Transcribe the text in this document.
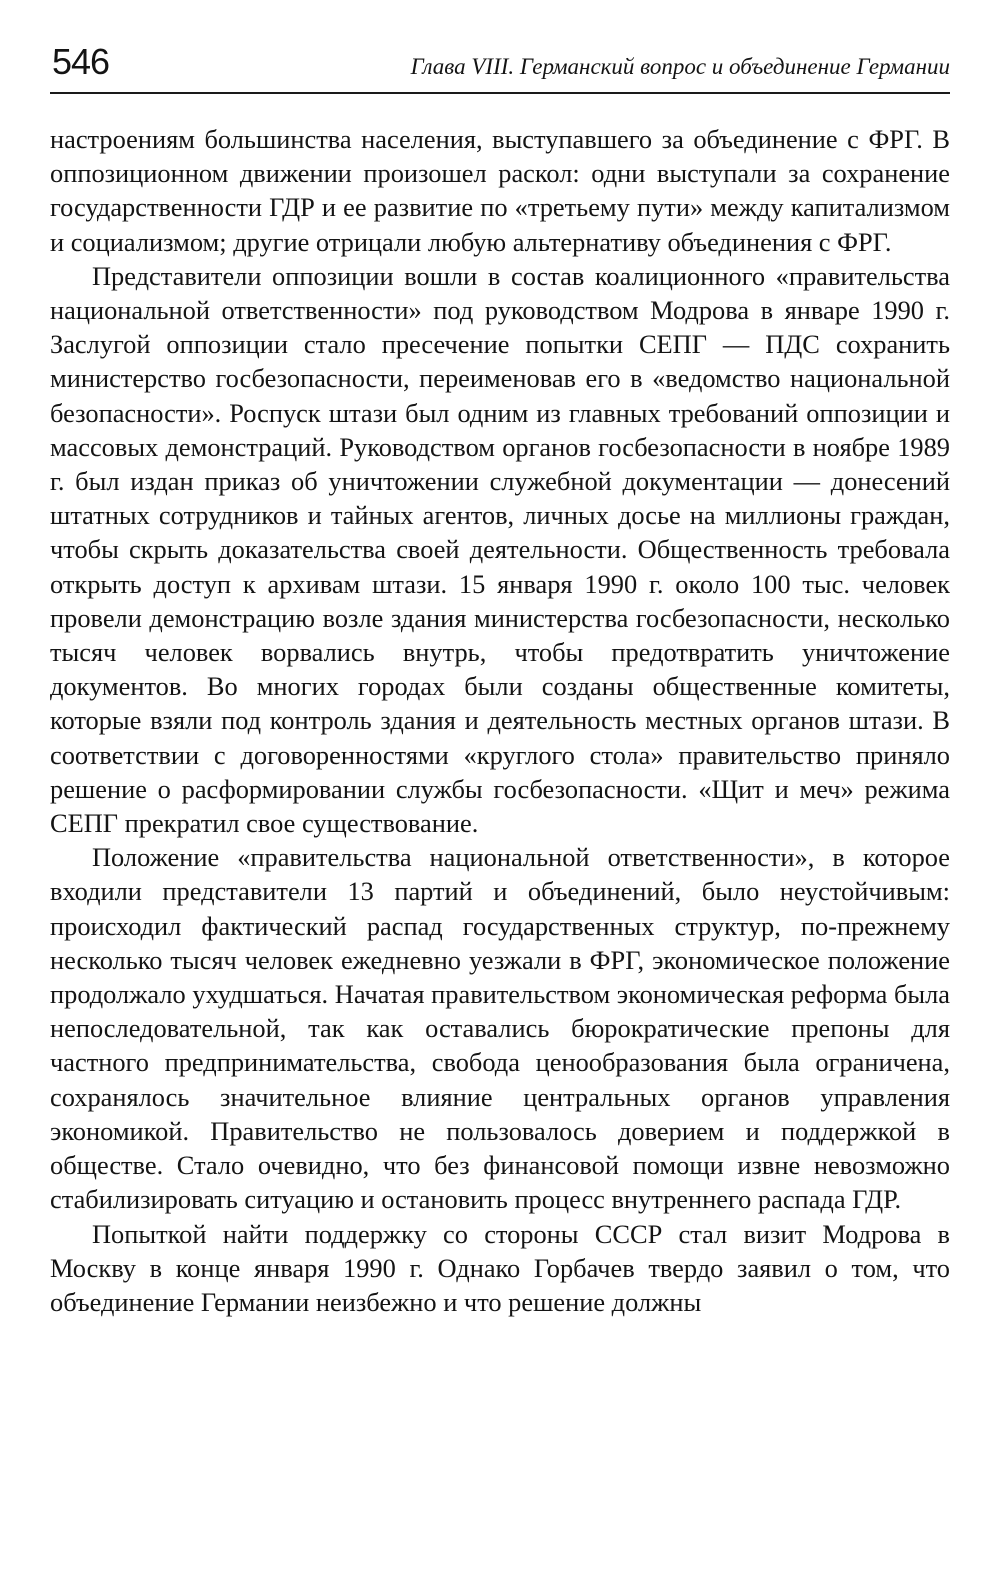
546	Глава VIII. Германский вопрос и объединение Германии

настроениям большинства населения, выступавшего за объединение с ФРГ. В оппозиционном движении произошел раскол: одни выступали за сохранение государственности ГДР и ее развитие по «третьему пути» между капитализмом и социализмом; другие отрицали любую альтернативу объединения с ФРГ.

Представители оппозиции вошли в состав коалиционного «правительства национальной ответственности» под руководством Модрова в январе 1990 г. Заслугой оппозиции стало пресечение попытки СЕПГ — ПДС сохранить министерство госбезопасности, переименовав его в «ведомство национальной безопасности». Роспуск штази был одним из главных требований оппозиции и массовых демонстраций. Руководством органов госбезопасности в ноябре 1989 г. был издан приказ об уничтожении служебной документации — донесений штатных сотрудников и тайных агентов, личных досье на миллионы граждан, чтобы скрыть доказательства своей деятельности. Общественность требовала открыть доступ к архивам штази. 15 января 1990 г. около 100 тыс. человек провели демонстрацию возле здания министерства госбезопасности, несколько тысяч человек ворвались внутрь, чтобы предотвратить уничтожение документов. Во многих городах были созданы общественные комитеты, которые взяли под контроль здания и деятельность местных органов штази. В соответствии с договоренностями «круглого стола» правительство приняло решение о расформировании службы госбезопасности. «Щит и меч» режима СЕПГ прекратил свое существование.

Положение «правительства национальной ответственности», в которое входили представители 13 партий и объединений, было неустойчивым: происходил фактический распад государственных структур, по-прежнему несколько тысяч человек ежедневно уезжали в ФРГ, экономическое положение продолжало ухудшаться. Начатая правительством экономическая реформа была непоследовательной, так как оставались бюрократические препоны для частного предпринимательства, свобода ценообразования была ограничена, сохранялось значительное влияние центральных органов управления экономикой. Правительство не пользовалось доверием и поддержкой в обществе. Стало очевидно, что без финансовой помощи извне невозможно стабилизировать ситуацию и остановить процесс внутреннего распада ГДР.

Попыткой найти поддержку со стороны СССР стал визит Модрова в Москву в конце января 1990 г. Однако Горбачев твердо заявил о том, что объединение Германии неизбежно и что решение должны
